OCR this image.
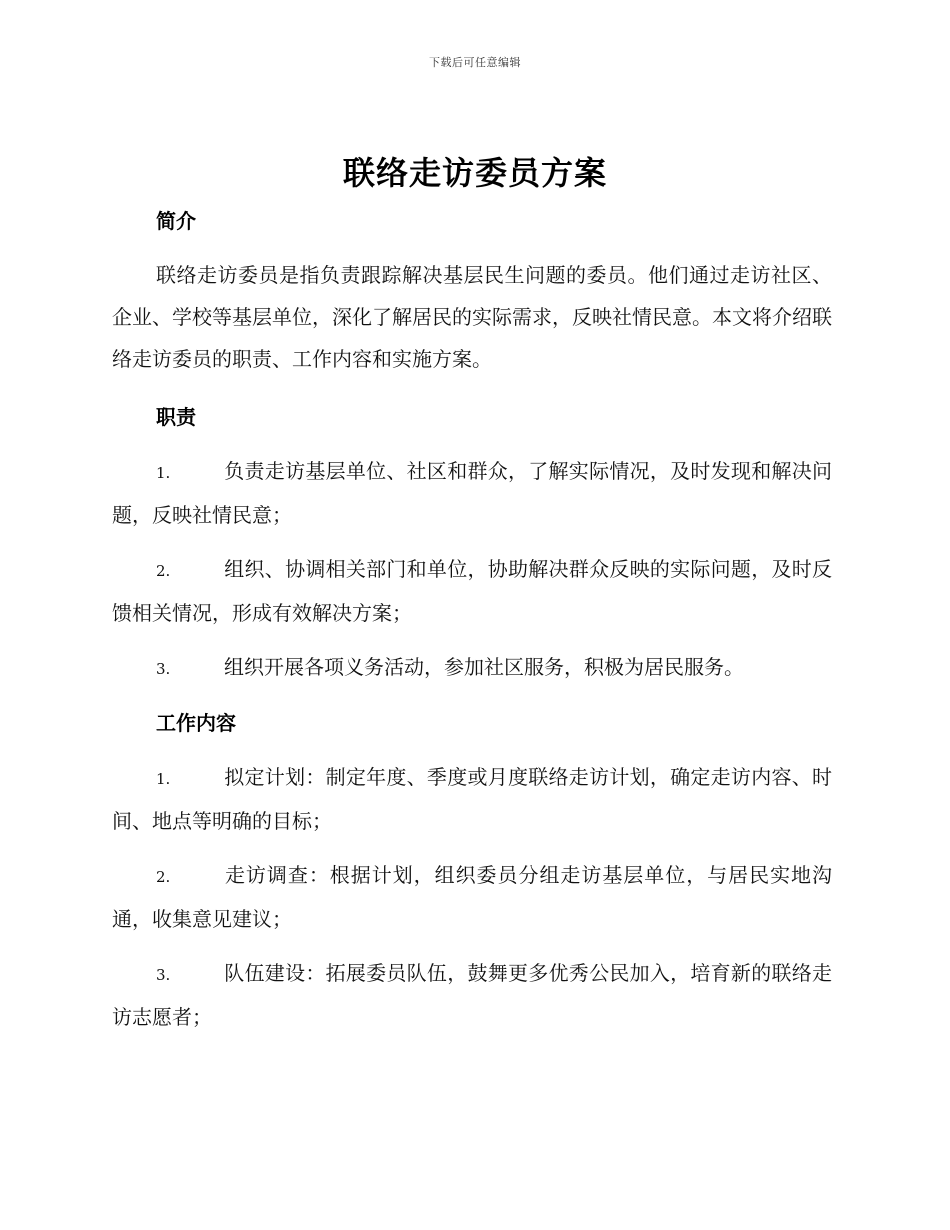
下载后可任意编辑
联络走访委员方案
简介

联络走访委员是指负责跟踪解决基层民生问题的委员。他们通过走访社区、企业、学校等基层单位，深化了解居民的实际需求，反映社情民意。本文将介绍联络走访委员的职责、工作内容和实施方案。

职责

1.	负责走访基层单位、社区和群众，了解实际情况，及时发现和解决问题，反映社情民意；

2.	组织、协调相关部门和单位，协助解决群众反映的实际问题，及时反馈相关情况，形成有效解决方案；

3.	组织开展各项义务活动，参加社区服务，积极为居民服务。

工作内容

1.	拟定计划：制定年度、季度或月度联络走访计划，确定走访内容、时间、地点等明确的目标；

2.	走访调查：根据计划，组织委员分组走访基层单位，与居民实地沟通，收集意见建议；

3.	队伍建设：拓展委员队伍，鼓舞更多优秀公民加入，培育新的联络走访志愿者；
